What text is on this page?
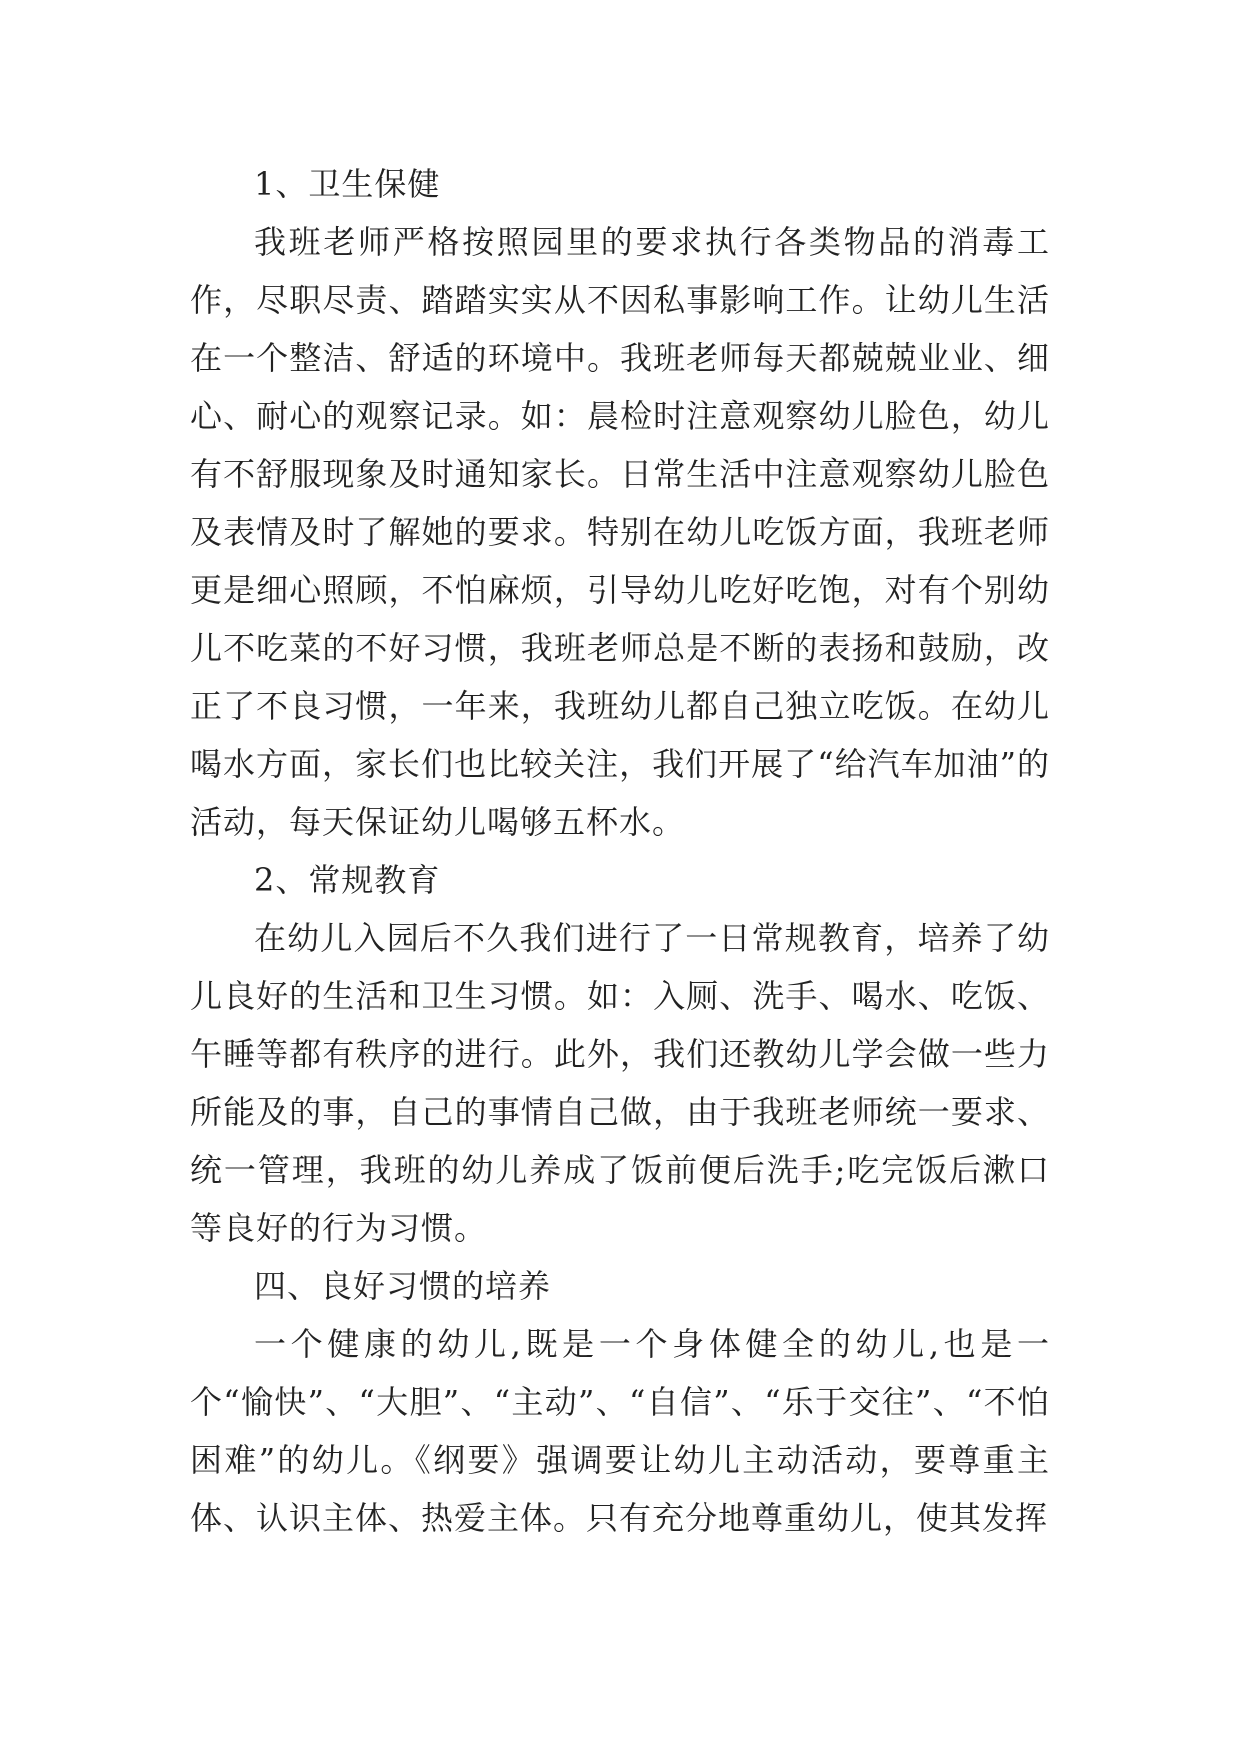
1、卫生保健

我班老师严格按照园里的要求执行各类物品的消毒工作，尽职尽责、踏踏实实从不因私事影响工作。让幼儿生活在一个整洁、舒适的环境中。我班老师每天都兢兢业业、细心、耐心的观察记录。如：晨检时注意观察幼儿脸色，幼儿有不舒服现象及时通知家长。日常生活中注意观察幼儿脸色及表情及时了解她的要求。特别在幼儿吃饭方面，我班老师更是细心照顾，不怕麻烦，引导幼儿吃好吃饱，对有个别幼儿不吃菜的不好习惯，我班老师总是不断的表扬和鼓励，改正了不良习惯，一年来，我班幼儿都自己独立吃饭。在幼儿喝水方面，家长们也比较关注，我们开展了“给汽车加油”的活动，每天保证幼儿喝够五杯水。

2、常规教育

在幼儿入园后不久我们进行了一日常规教育，培养了幼儿良好的生活和卫生习惯。如：入厕、洗手、喝水、吃饭、午睡等都有秩序的进行。此外，我们还教幼儿学会做一些力所能及的事，自己的事情自己做，由于我班老师统一要求、统一管理，我班的幼儿养成了饭前便后洗手;吃完饭后漱口等良好的行为习惯。

四、良好习惯的培养

一个健康的幼儿,既是一个身体健全的幼儿,也是一个“愉快”、“大胆”、“主动”、“自信”、“乐于交往”、“不怕困难”的幼儿。《纲要》强调要让幼儿主动活动，要尊重主体、认识主体、热爱主体。只有充分地尊重幼儿，使其发挥
